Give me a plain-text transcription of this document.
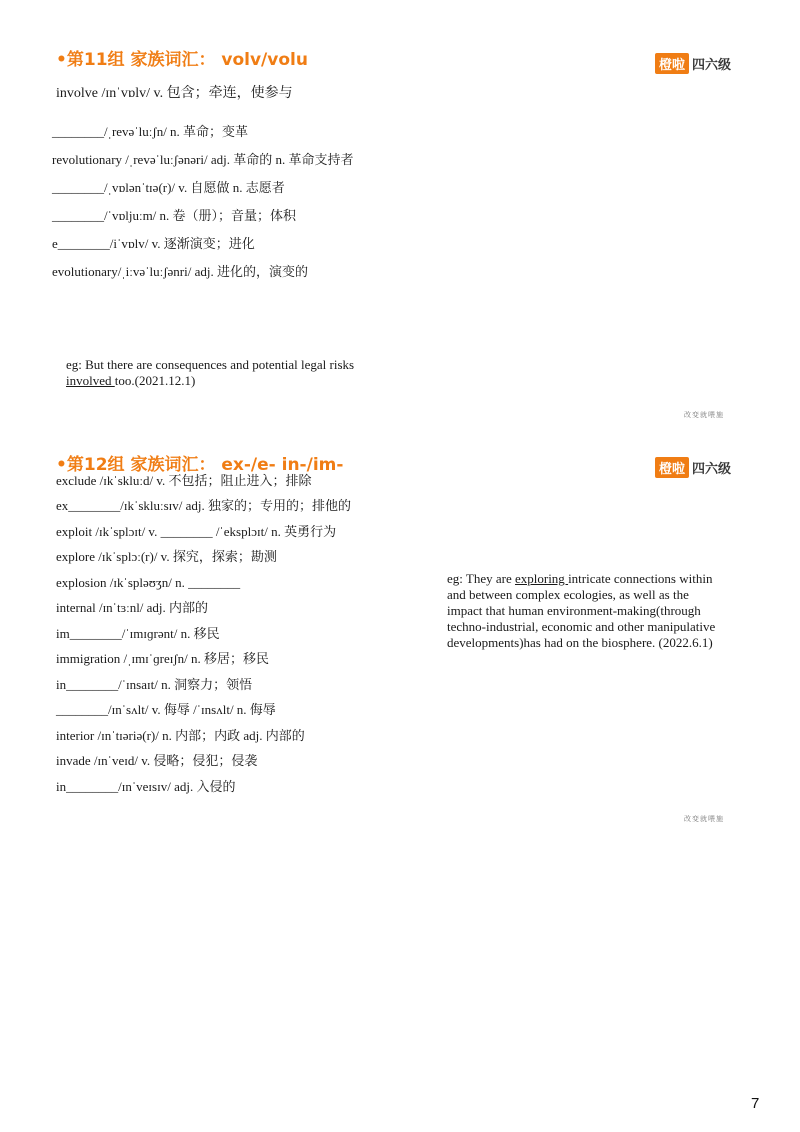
•第11组 家族词汇： volv/volu	橙啦 四六级
involve /ɪnˈvɒlv/ v. 包含；牵连，使参与
________/ˌrevəˈluːʃn/ n. 革命；变革
revolutionary /ˌrevəˈluːʃənəri/ adj. 革命的 n. 革命支持者
________/ˌvɒlənˈtɪə(r)/ v. 自愿做 n. 志愿者
________/ˈvɒljuːm/ n. 卷（册）；音量；体积
e________/iˈvɒlv/ v. 逐渐演变；进化
evolutionary/ˌiːvəˈluːʃənri/ adj. 进化的，演变的
eg: But there are consequences and potential legal risks
involved too.(2021.12.1)
改变就喂施
•第12组 家族词汇： ex-/e- in-/im-	橙啦 四六级
exclude /ɪkˈskluːd/ v. 不包括；阻止进入；排除
ex________/ɪkˈskluːsɪv/ adj. 独家的；专用的；排他的
exploit /ɪkˈsplɔɪt/ v. ________ /ˈeksplɔɪt/ n. 英勇行为
explore /ɪkˈsplɔː(r)/ v. 探究，探索；勘测
explosion /ɪkˈspləʊʒn/ n. ________
internal /ɪnˈtɜːnl/ adj. 内部的
im________/ˈɪmɪɡrənt/ n. 移民
immigration /ˌɪmɪˈɡreɪʃn/ n. 移居；移民
in________/ˈɪnsaɪt/ n. 洞察力；领悟
________/ɪnˈsʌlt/ v. 侮辱 /ˈɪnsʌlt/ n. 侮辱
interior /ɪnˈtɪəriə(r)/ n. 内部；内政 adj. 内部的
invade /ɪnˈveɪd/ v. 侵略；侵犯；侵袭
in________/ɪnˈveɪsɪv/ adj. 入侵的
eg: They are exploring intricate connections within and between complex ecologies, as well as the impact that human environment-making(through techno-industrial, economic and other manipulative developments)has had on the biosphere. (2022.6.1)
改变就喂施
7
